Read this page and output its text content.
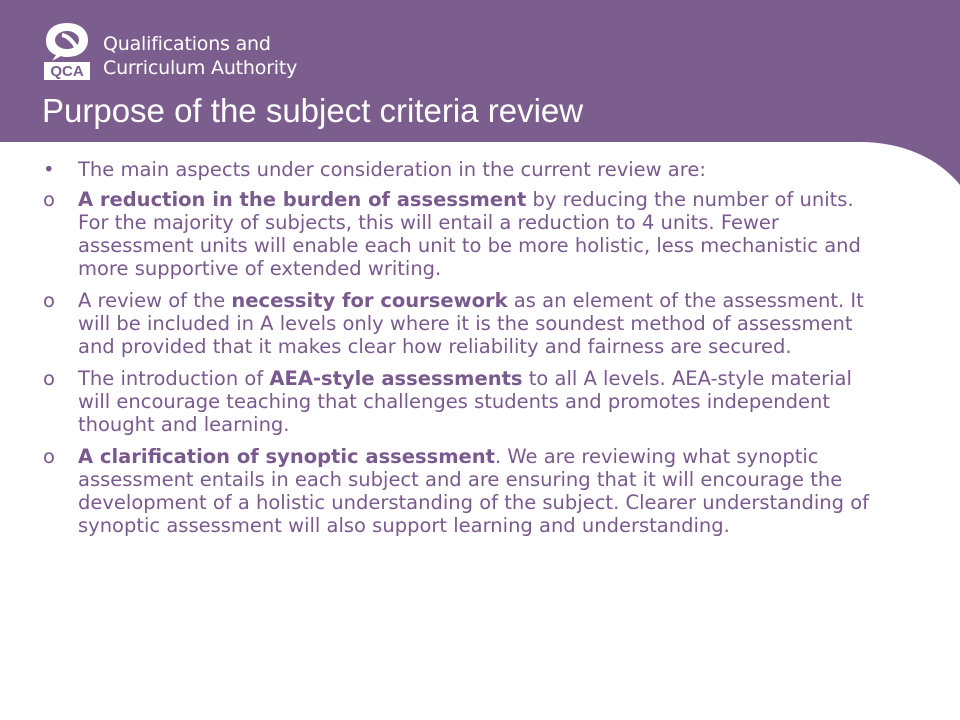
QCA
Qualifications and
Curriculum Authority
Purpose of the subject criteria review
• The main aspects under consideration in the current review are:
o A reduction in the burden of assessment by reducing the number of units. For the majority of subjects, this will entail a reduction to 4 units. Fewer assessment units will enable each unit to be more holistic, less mechanistic and more supportive of extended writing.
o A review of the necessity for coursework as an element of the assessment. It will be included in A levels only where it is the soundest method of assessment and provided that it makes clear how reliability and fairness are secured.
o The introduction of AEA-style assessments to all A levels. AEA-style material will encourage teaching that challenges students and promotes independent thought and learning.
o A clarification of synoptic assessment. We are reviewing what synoptic assessment entails in each subject and are ensuring that it will encourage the development of a holistic understanding of the subject. Clearer understanding of synoptic assessment will also support learning and understanding.
